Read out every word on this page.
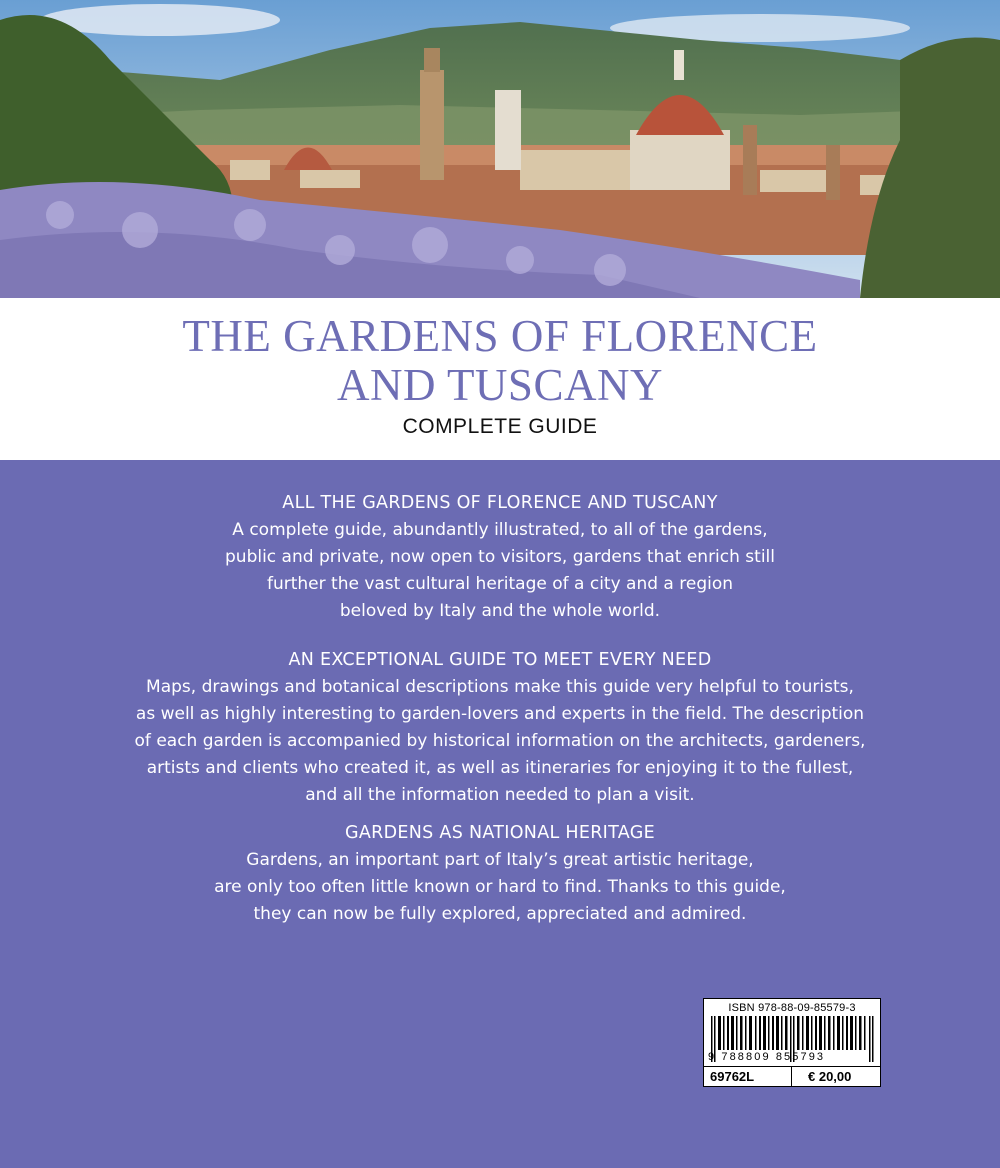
THE GARDENS OF FLORENCE
AND TUSCANY
COMPLETE GUIDE
ALL THE GARDENS OF FLORENCE AND TUSCANY

A complete guide, abundantly illustrated, to all of the gardens,

public and private, now open to visitors, gardens that enrich still

further the vast cultural heritage of a city and a region

beloved by Italy and the whole world.

AN EXCEPTIONAL GUIDE TO MEET EVERY NEED

Maps, drawings and botanical descriptions make this guide very helpful to tourists,

as well as highly interesting to garden-lovers and experts in the field. The description

of each garden is accompanied by historical information on the architects, gardeners,

artists and clients who created it, as well as itineraries for enjoying it to the fullest,

and all the information needed to plan a visit.

GARDENS AS NATIONAL HERITAGE

Gardens, an important part of Italy’s great artistic heritage,

are only too often little known or hard to find. Thanks to this guide,

they can now be fully explored, appreciated and admired.

ISBN 978-88-09-85579-3
9 788809 855793
69762L	€ 20,00
